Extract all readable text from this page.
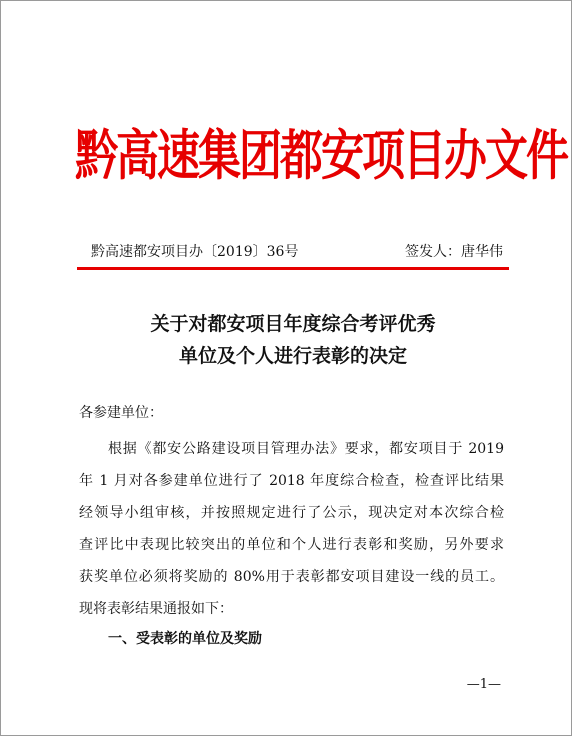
黔高速集团都安项目办文件
黔高速都安项目办〔2019〕36号	签发人：唐华伟
关于对都安项目年度综合考评优秀
单位及个人进行表彰的决定
各参建单位：
根据《都安公路建设项目管理办法》要求，都安项目于 2019
年 1 月对各参建单位进行了 2018 年度综合检查，检查评比结果
经领导小组审核，并按照规定进行了公示，现决定对本次综合检
查评比中表现比较突出的单位和个人进行表彰和奖励，另外要求
获奖单位必须将奖励的 80%用于表彰都安项目建设一线的员工。
现将表彰结果通报如下：
一、受表彰的单位及奖励
—1—
